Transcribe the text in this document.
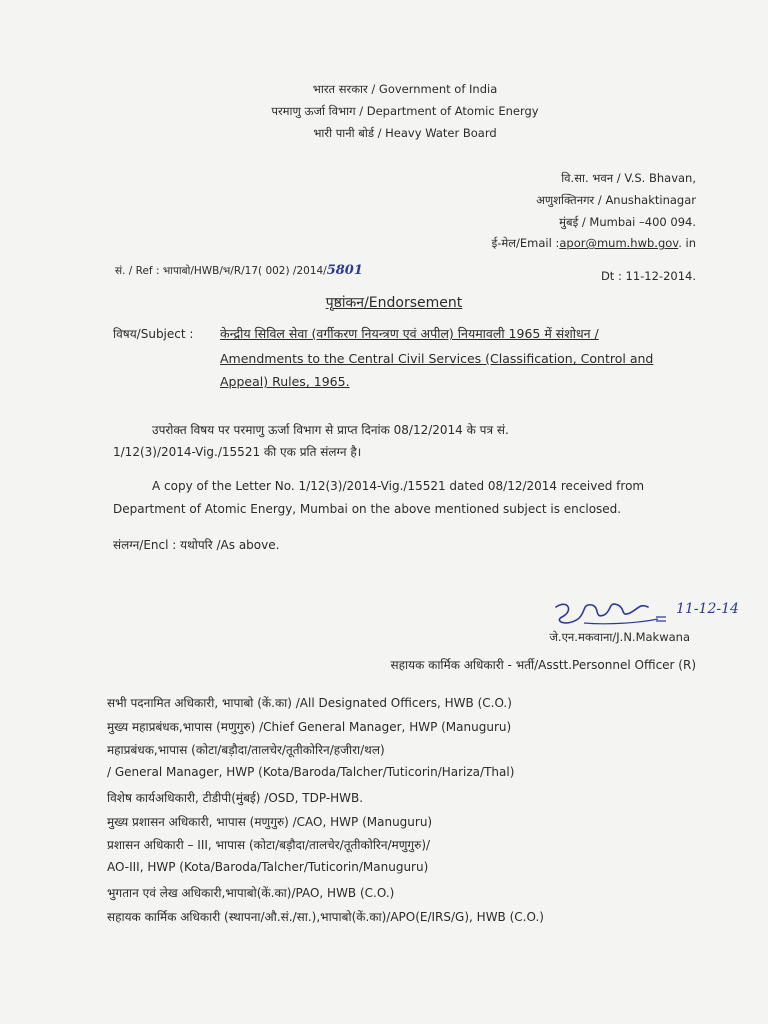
भारत सरकार / Government of India
परमाणु ऊर्जा विभाग / Department of Atomic Energy
भारी पानी बोर्ड / Heavy Water Board
वि.सा. भवन / V.S. Bhavan,
अणुशक्तिनगर / Anushaktinagar
मुंबई / Mumbai –400 094.
ई-मेल/Email :apor@mum.hwb.gov. in
सं. / Ref : भापाबो/HWB/भ/R/17( 002) /2014/5801	Dt : 11-12-2014.
पृष्ठांकन/Endorsement
विषय/Subject : केन्द्रीय सिविल सेवा (वर्गीकरण नियन्त्रण एवं अपील) नियमावली 1965 में संशोधन /
Amendments to the Central Civil Services (Classification, Control and
Appeal) Rules, 1965.
उपरोक्त विषय पर परमाणु ऊर्जा विभाग से प्राप्त दिनांक 08/12/2014 के पत्र सं.
1/12(3)/2014-Vig./15521 की एक प्रति संलग्न है।
A copy of the Letter No. 1/12(3)/2014-Vig./15521 dated 08/12/2014 received from
Department of Atomic Energy, Mumbai on the above mentioned subject is enclosed.
संलग्न/Encl : यथोपरि /As above.
11-12-14
जे.एन.मकवाना/J.N.Makwana
सहायक कार्मिक अधिकारी - भर्ती/Asstt.Personnel Officer (R)
सभी पदनामित अधिकारी, भापाबो (कें.का) /All Designated Officers, HWB (C.O.)
मुख्य महाप्रबंधक,भापास (मणुगुरु) /Chief General Manager, HWP (Manuguru)
महाप्रबंधक,भापास (कोटा/बड़ौदा/तालचेर/तूतीकोरिन/हजीरा/थल)
/ General Manager, HWP (Kota/Baroda/Talcher/Tuticorin/Hariza/Thal)
विशेष कार्यअधिकारी, टीडीपी(मुंबई) /OSD, TDP-HWB.
मुख्य प्रशासन अधिकारी, भापास (मणुगुरु) /CAO, HWP (Manuguru)
प्रशासन अधिकारी – III, भापास (कोटा/बड़ौदा/तालचेर/तूतीकोरिन/मणुगुरु)/
AO-III, HWP (Kota/Baroda/Talcher/Tuticorin/Manuguru)
भुगतान एवं लेख अधिकारी,भापाबो(कें.का)/PAO, HWB (C.O.)
सहायक कार्मिक अधिकारी (स्थापना/औ.सं./सा.),भापाबो(कें.का)/APO(E/IRS/G), HWB (C.O.)
